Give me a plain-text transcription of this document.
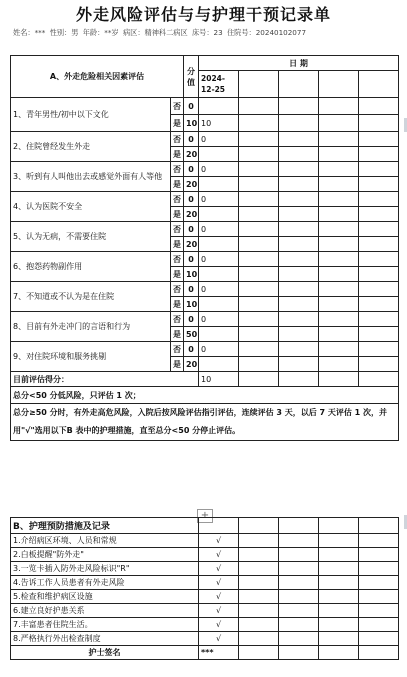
外走风险评估与与护理干预记录单
姓名：*** 性别：男 年龄：**岁 病区：精神科二病区 床号：23 住院号：20240102077
A、外走危险相关因素评估		分值	日 期				
			2024-12-25				

1、青年男性/初中以下文化	否	0					
	是	10	10				
2、住院曾经发生外走	否	0	0				
	是	20					
3、听到有人叫他出去或感觉外面有人等他	否	0	0				
	是	20					
4、认为医院不安全	否	0	0				
	是	20					
5、认为无病，不需要住院	否	0	0				
	是	20					
6、抱怨药物副作用	否	0	0				
	是	10					
7、不知道或不认为是在住院	否	0	0				
	是	10					
8、目前有外走冲门的言语和行为	否	0	0				
	是	50					
9、对住院环境和服务挑剔	否	0	0				
	是	20					
目前评估得分：			10				
总分<50 分低风险，只评估 1 次；							
总分≥50 分时，有外走高危风险，入院后按风险评估指引评估，连续评估 3 天，以后 7 天评估 1 次，并用"√"选用以下B 表中的护理措施，直至总分<50 分停止评估。							
+
B、护理预防措施及记录					
1.介绍病区环境、人员和常规	√				
2.白板提醒"防外走"	√				
3.一览卡插入防外走风险标识"R"	√				
4.告诉工作人员患者有外走风险	√				
5.检查和维护病区设施	√				
6.建立良好护患关系	√				
7.丰富患者住院生活。	√				
8.严格执行外出检查制度	√				
护士签名	***				
